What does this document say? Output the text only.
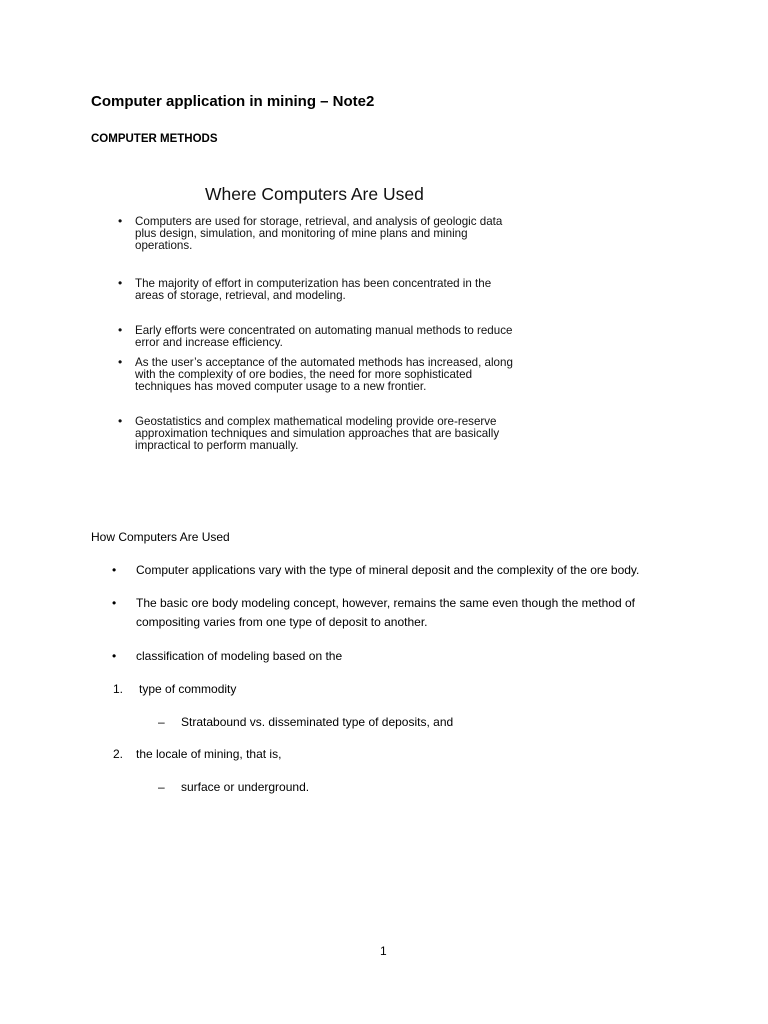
Computer application in mining – Note2
COMPUTER METHODS
Where Computers Are Used
•	Computers are used for storage, retrieval, and analysis of geologic data plus design, simulation, and monitoring of mine plans and mining operations.
•	The majority of effort in computerization has been concentrated in the areas of storage, retrieval, and modeling.
•	Early efforts were concentrated on automating manual methods to reduce error and increase efficiency.
•	As the user’s acceptance of the automated methods has increased, along with the complexity of ore bodies, the need for more sophisticated techniques has moved computer usage to a new frontier.
•	Geostatistics and complex mathematical modeling provide ore-reserve approximation techniques and simulation approaches that are basically impractical to perform manually.
How Computers Are Used
• Computer applications vary with the type of mineral deposit and the complexity of the ore body.
• The basic ore body modeling concept, however, remains the same even though the method of
compositing varies from one type of deposit to another.
• classification of modeling based on the
1. type of commodity
– Stratabound vs. disseminated type of deposits, and
2. the locale of mining, that is,
– surface or underground.
1
